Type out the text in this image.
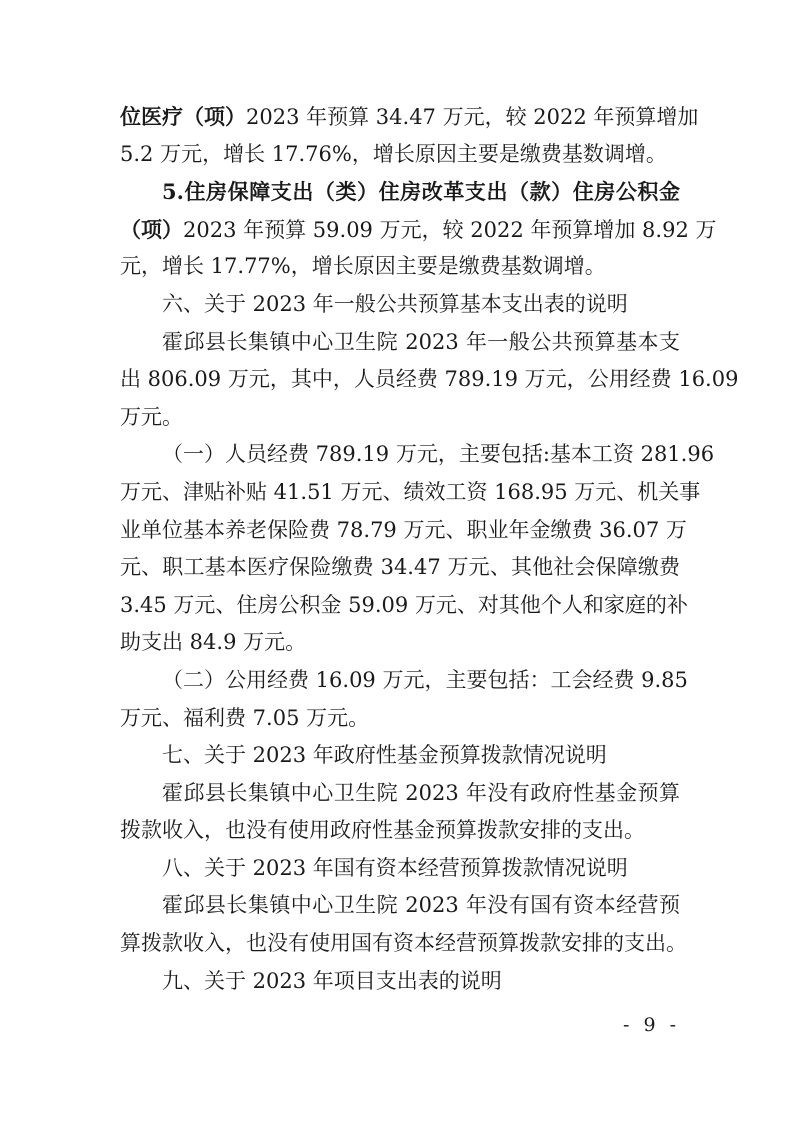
位医疗（项）2023 年预算 34.47 万元，较 2022 年预算增加
5.2 万元，增长 17.76%，增长原因主要是缴费基数调增。
5.住房保障支出（类）住房改革支出（款）住房公积金
（项）2023 年预算 59.09 万元，较 2022 年预算增加 8.92 万
元，增长 17.77%，增长原因主要是缴费基数调增。
六、关于 2023 年一般公共预算基本支出表的说明
霍邱县长集镇中心卫生院 2023 年一般公共预算基本支
出 806.09 万元，其中，人员经费 789.19 万元，公用经费 16.09
万元。
（一）人员经费 789.19 万元，主要包括:基本工资 281.96
万元、津贴补贴 41.51 万元、绩效工资 168.95 万元、机关事
业单位基本养老保险费 78.79 万元、职业年金缴费 36.07 万
元、职工基本医疗保险缴费 34.47 万元、其他社会保障缴费
3.45 万元、住房公积金 59.09 万元、对其他个人和家庭的补
助支出 84.9 万元。
（二）公用经费 16.09 万元，主要包括：工会经费 9.85
万元、福利费 7.05 万元。
七、关于 2023 年政府性基金预算拨款情况说明
霍邱县长集镇中心卫生院 2023 年没有政府性基金预算
拨款收入，也没有使用政府性基金预算拨款安排的支出。
八、关于 2023 年国有资本经营预算拨款情况说明
霍邱县长集镇中心卫生院 2023 年没有国有资本经营预
算拨款收入，也没有使用国有资本经营预算拨款安排的支出。
九、关于 2023 年项目支出表的说明
- 9 -
